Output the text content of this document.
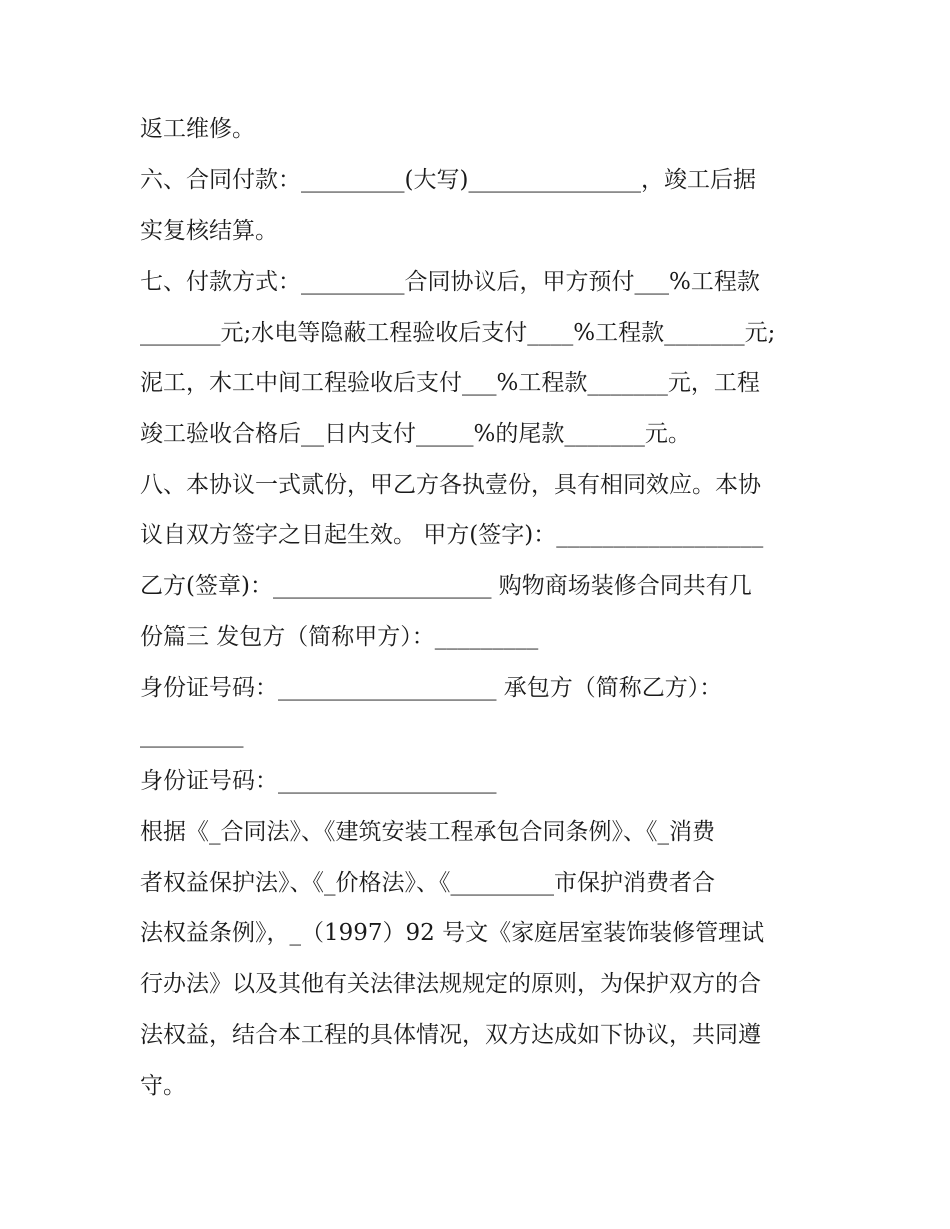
返工维修。
六、合同付款：_________(大写)_______________，竣工后据
实复核结算。
七、付款方式：_________合同协议后，甲方预付___%工程款
_______元;水电等隐蔽工程验收后支付____%工程款_______元;
泥工，木工中间工程验收后支付___%工程款_______元，工程
竣工验收合格后__日内支付_____%的尾款_______元。
八、本协议一式贰份，甲乙方各执壹份，具有相同效应。本协
议自双方签字之日起生效。 甲方(签字)：__________________
乙方(签章)：___________________ 购物商场装修合同共有几
份篇三 发包方（简称甲方）：_________
身份证号码：___________________ 承包方（简称乙方）：
_________
身份证号码：___________________
根据《_合同法》、《建筑安装工程承包合同条例》、《_消费
者权益保护法》、《_价格法》、《_________市保护消费者合
法权益条例》，_（1997）92 号文《家庭居室装饰装修管理试
行办法》以及其他有关法律法规规定的原则，为保护双方的合
法权益，结合本工程的具体情况，双方达成如下协议，共同遵
守。
